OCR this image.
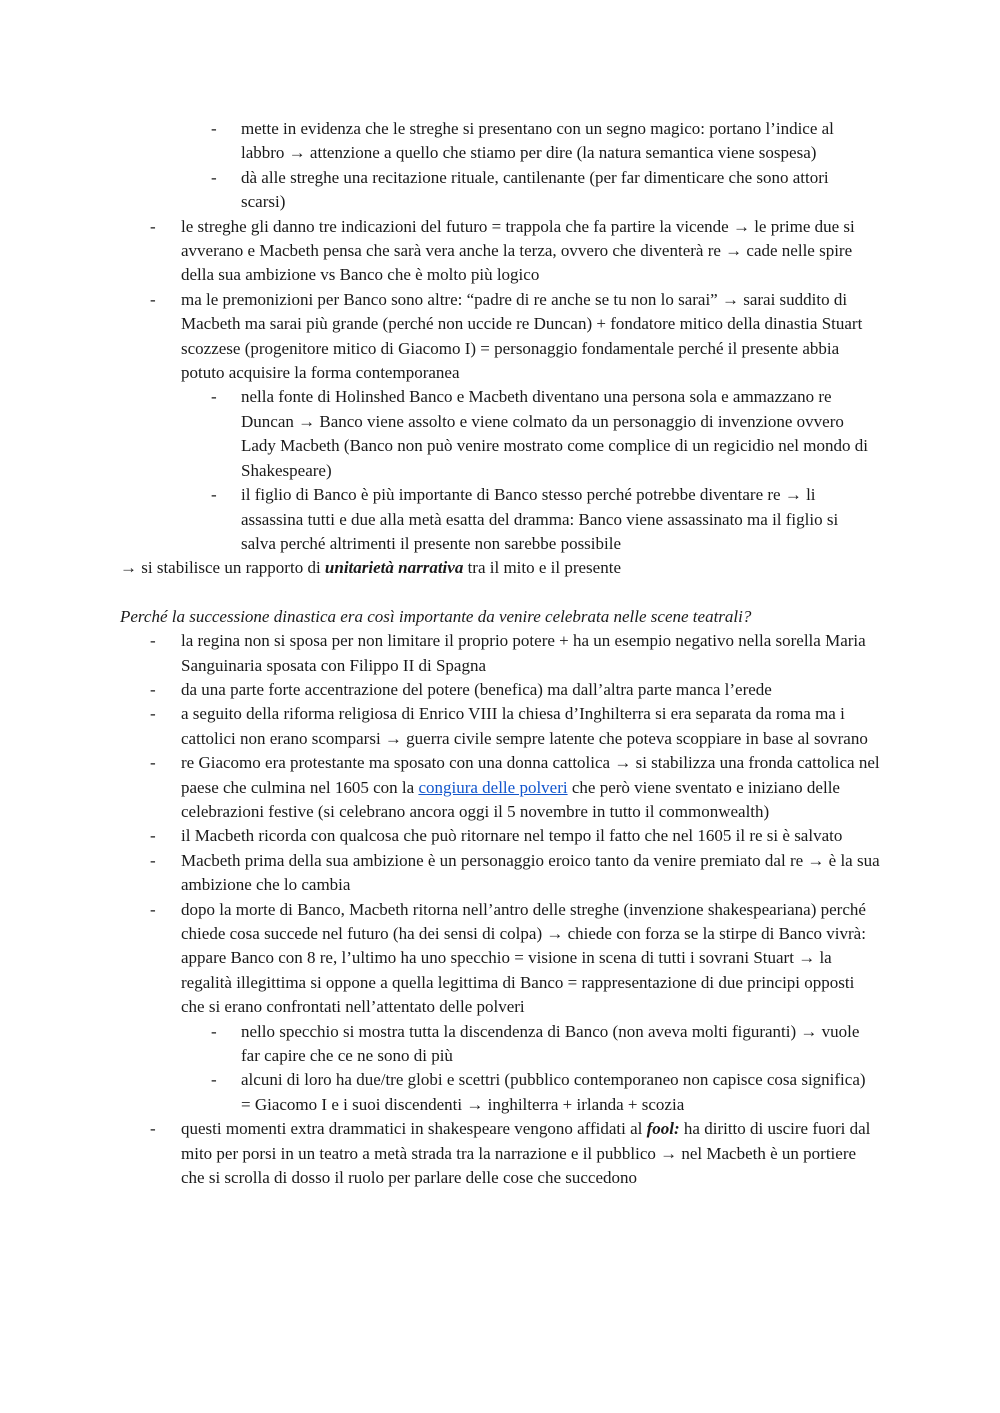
- mette in evidenza che le streghe si presentano con un segno magico: portano l’indice al labbro → attenzione a quello che stiamo per dire (la natura semantica viene sospesa)
- dà alle streghe una recitazione rituale, cantilenante (per far dimenticare che sono attori scarsi)
- le streghe gli danno tre indicazioni del futuro = trappola che fa partire la vicende → le prime due si avverano e Macbeth pensa che sarà vera anche la terza, ovvero che diventerà re → cade nelle spire della sua ambizione vs Banco che è molto più logico
- ma le premonizioni per Banco sono altre: “padre di re anche se tu non lo sarai” → sarai suddito di Macbeth ma sarai più grande (perché non uccide re Duncan) + fondatore mitico della dinastia Stuart scozzese (progenitore mitico di Giacomo I) = personaggio fondamentale perché il presente abbia potuto acquisire la forma contemporanea
- nella fonte di Holinshed Banco e Macbeth diventano una persona sola e ammazzano re Duncan → Banco viene assolto e viene colmato da un personaggio di invenzione ovvero Lady Macbeth (Banco non può venire mostrato come complice di un regicidio nel mondo di Shakespeare)
- il figlio di Banco è più importante di Banco stesso perché potrebbe diventare re → li assassina tutti e due alla metà esatta del dramma: Banco viene assassinato ma il figlio si salva perché altrimenti il presente non sarebbe possibile
→ si stabilisce un rapporto di unitarietà narrativa tra il mito e il presente
Perché la successione dinastica era così importante da venire celebrata nelle scene teatrali?
- la regina non si sposa per non limitare il proprio potere + ha un esempio negativo nella sorella Maria Sanguinaria sposata con Filippo II di Spagna
- da una parte forte accentrazione del potere (benefica) ma dall’altra parte manca l’erede
- a seguito della riforma religiosa di Enrico VIII la chiesa d’Inghilterra si era separata da roma ma i cattolici non erano scomparsi → guerra civile sempre latente che poteva scoppiare in base al sovrano
- re Giacomo era protestante ma sposato con una donna cattolica → si stabilizza una fronda cattolica nel paese che culmina nel 1605 con la congiura delle polveri che però viene sventato e iniziano delle celebrazioni festive (si celebrano ancora oggi il 5 novembre in tutto il commonwealth)
- il Macbeth ricorda con qualcosa che può ritornare nel tempo il fatto che nel 1605 il re si è salvato
- Macbeth prima della sua ambizione è un personaggio eroico tanto da venire premiato dal re → è la sua ambizione che lo cambia
- dopo la morte di Banco, Macbeth ritorna nell’antro delle streghe (invenzione shakespeariana) perché chiede cosa succede nel futuro (ha dei sensi di colpa) → chiede con forza se la stirpe di Banco vivrà: appare Banco con 8 re, l’ultimo ha uno specchio = visione in scena di tutti i sovrani Stuart → la regalità illegittima si oppone a quella legittima di Banco = rappresentazione di due principi opposti che si erano confrontati nell’attentato delle polveri
- nello specchio si mostra tutta la discendenza di Banco (non aveva molti figuranti) → vuole far capire che ce ne sono di più
- alcuni di loro ha due/tre globi e scettri (pubblico contemporaneo non capisce cosa significa) = Giacomo I e i suoi discendenti → inghilterra + irlanda + scozia
- questi momenti extra drammatici in shakespeare vengono affidati al fool: ha diritto di uscire fuori dal mito per porsi in un teatro a metà strada tra la narrazione e il pubblico → nel Macbeth è un portiere che si scrolla di dosso il ruolo per parlare delle cose che succedono
